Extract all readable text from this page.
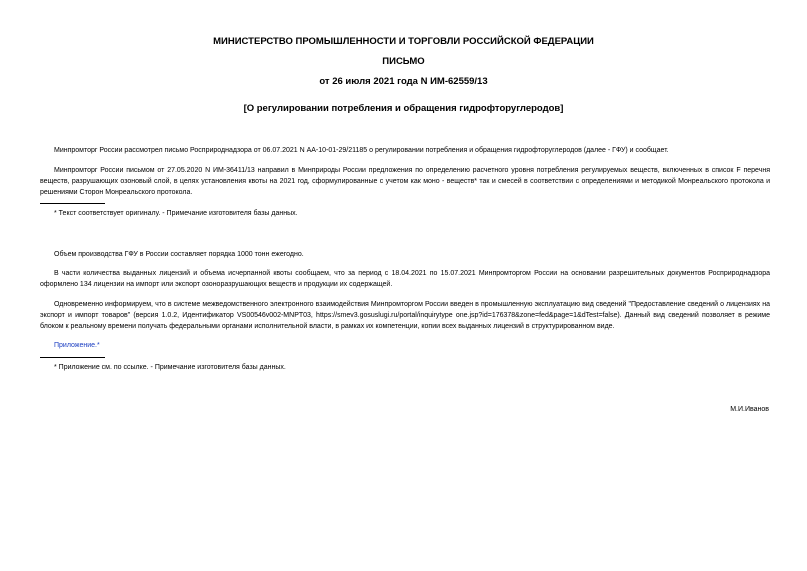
МИНИСТЕРСТВО ПРОМЫШЛЕННОСТИ И ТОРГОВЛИ РОССИЙСКОЙ ФЕДЕРАЦИИ
ПИСЬМО
от 26 июля 2021 года N ИМ-62559/13
[О регулировании потребления и обращения гидрофторуглеродов]

Минпромторг России рассмотрел письмо Росприроднадзора от 06.07.2021 N АА-10-01-29/21185 о регулировании потребления и обращения гидрофторуглеродов (далее - ГФУ) и сообщает.

Минпромторг России письмом от 27.05.2020 N ИМ-36411/13 направил в Минприроды России предложения по определению расчетного уровня потребления регулируемых веществ, включенных в список F перечня веществ, разрушающих озоновый слой, в целях установления квоты на 2021 год, сформулированные с учетом как моно - веществ* так и смесей в соответствии с определениями и методикой Монреальского протокола и решениями Сторон Монреальского протокола.

* Текст соответствует оригиналу. - Примечание изготовителя базы данных.

Объем производства ГФУ в России составляет порядка 1000 тонн ежегодно.

В части количества выданных лицензий и объема исчерпанной квоты сообщаем, что за период с 18.04.2021 по 15.07.2021 Минпромторгом России на основании разрешительных документов Росприроднадзора оформлено 134 лицензии на импорт или экспорт озоноразрушающих веществ и продукции их содержащей.

Одновременно информируем, что в системе межведомственного электронного взаимодействия Минпромторгом России введен в промышленную эксплуатацию вид сведений "Предоставление сведений о лицензиях на экспорт и импорт товаров" (версия 1.0.2, Идентификатор VS00546v002-MNPT03, https://smev3.gosuslugi.ru/portal/inquirytype one.jsp?id=176378&zone=fed&page=1&dTest=false). Данный вид сведений позволяет в режиме блоком к реальному времени получать федеральными органами исполнительной власти, в рамках их компетенции, копии всех выданных лицензий в структурированном виде.

Приложение.*

* Приложение см. по ссылке. - Примечание изготовителя базы данных.

М.И.Иванов
